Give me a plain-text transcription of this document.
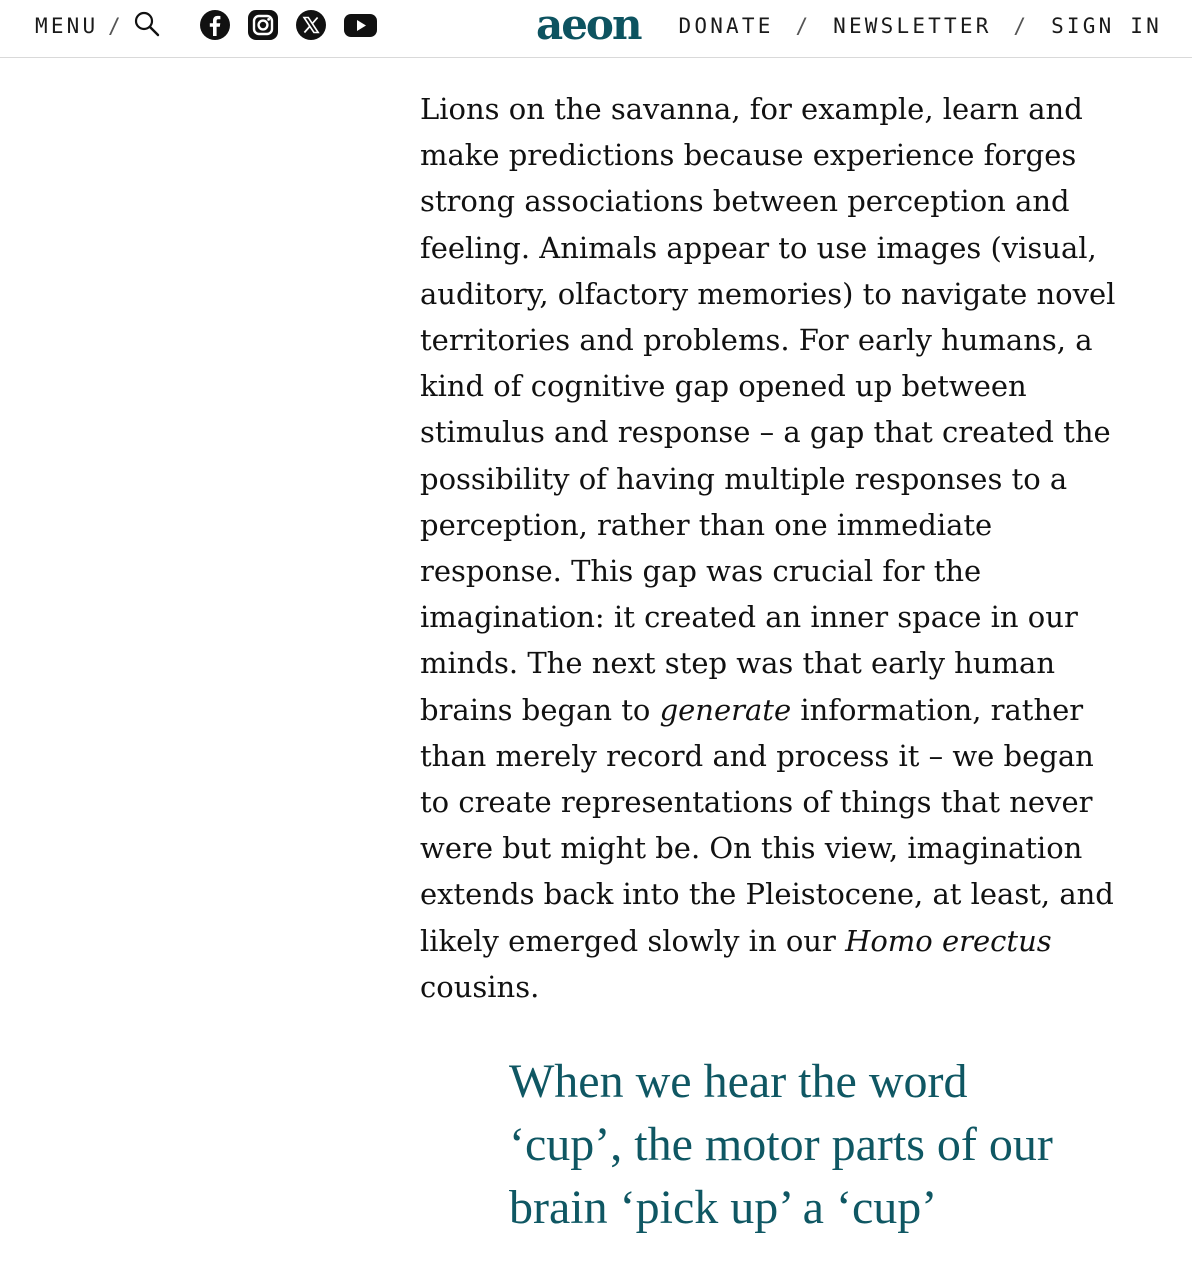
MENU /	aeon	DONATE / NEWSLETTER / SIGN IN

Lions on the savanna, for example, learn and
make predictions because experience forges
strong associations between perception and
feeling. Animals appear to use images (visual,
auditory, olfactory memories) to navigate novel
territories and problems. For early humans, a
kind of cognitive gap opened up between
stimulus and response – a gap that created the
possibility of having multiple responses to a
perception, rather than one immediate
response. This gap was crucial for the
imagination: it created an inner space in our
minds. The next step was that early human
brains began to generate information, rather
than merely record and process it – we began
to create representations of things that never
were but might be. On this view, imagination
extends back into the Pleistocene, at least, and
likely emerged slowly in our Homo erectus
cousins.

When we hear the word
‘cup’, the motor parts of our
brain ‘pick up’ a ‘cup’
